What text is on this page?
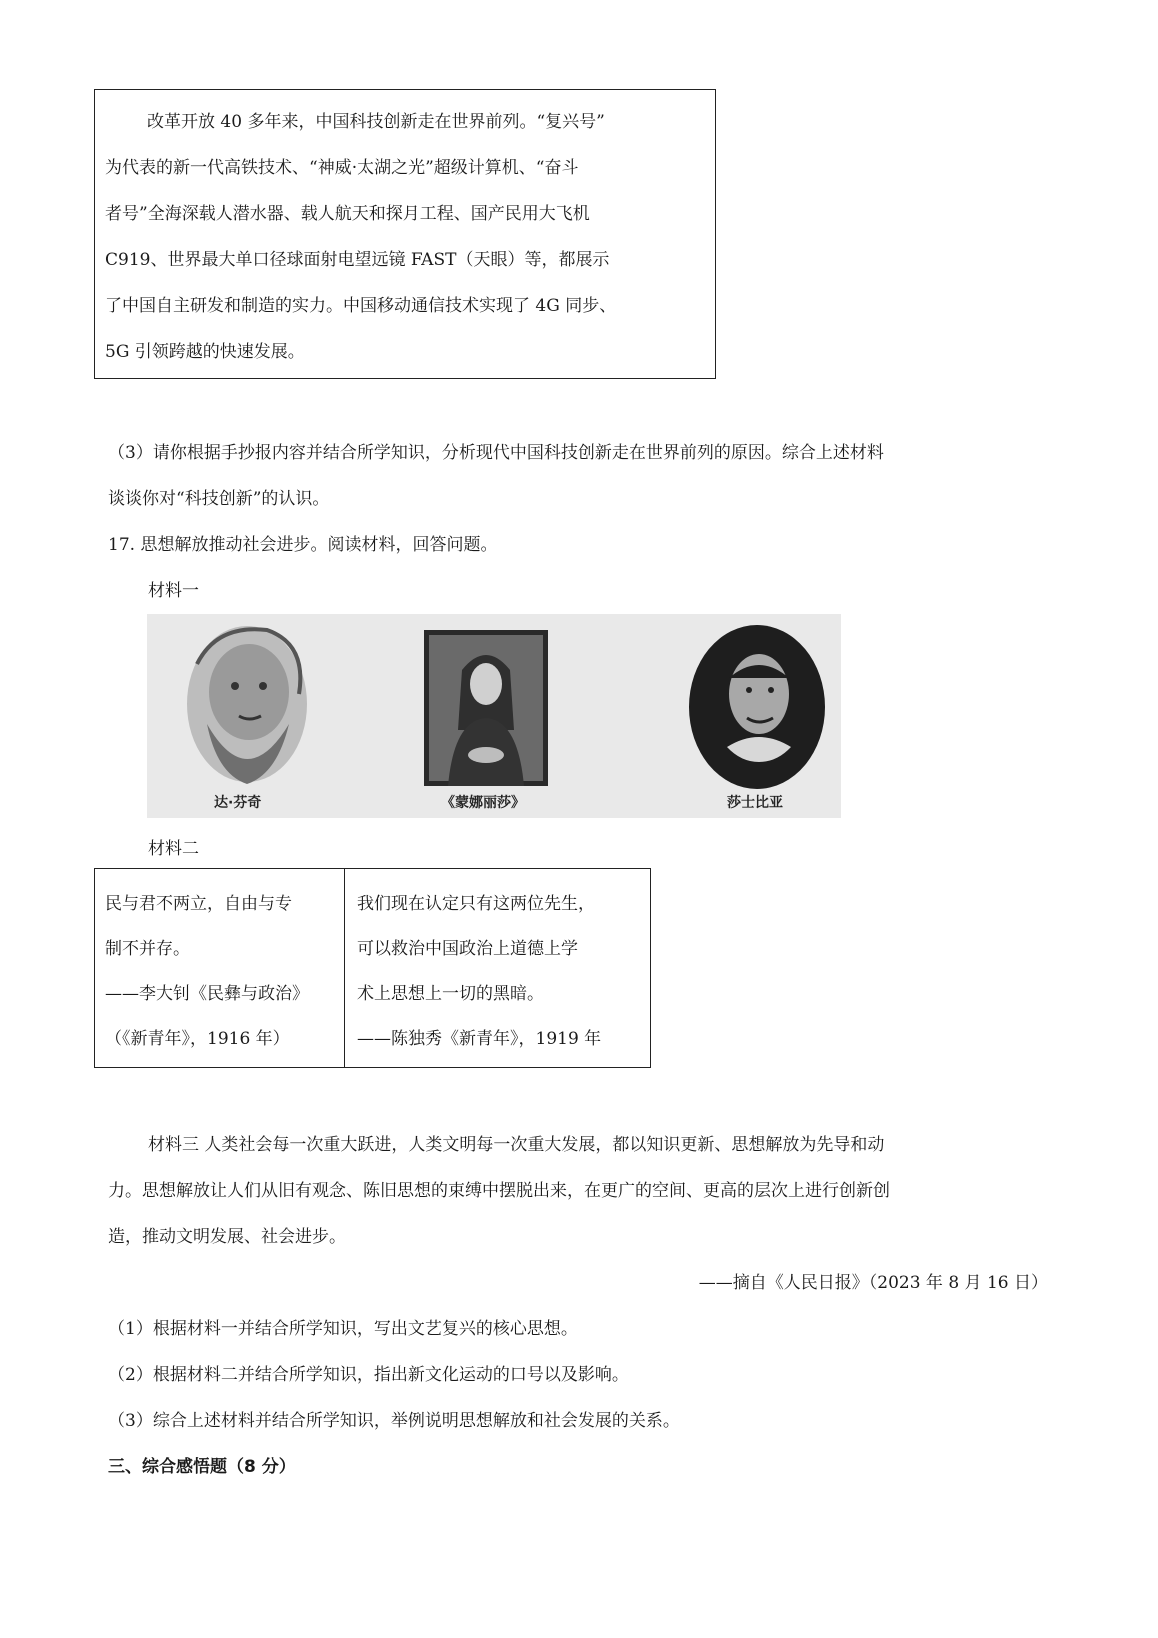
改革开放 40 多年来，中国科技创新走在世界前列。“复兴号”
为代表的新一代高铁技术、“神威·太湖之光”超级计算机、“奋斗
者号”全海深载人潜水器、载人航天和探月工程、国产民用大飞机
C919、世界最大单口径球面射电望远镜 FAST（天眼）等，都展示
了中国自主研发和制造的实力。中国移动通信技术实现了 4G 同步、
5G 引领跨越的快速发展。
（3）请你根据手抄报内容并结合所学知识，分析现代中国科技创新走在世界前列的原因。综合上述材料
谈谈你对“科技创新”的认识。
17. 思想解放推动社会进步。阅读材料，回答问题。
材料一
达·芬奇	《蒙娜丽莎》	莎士比亚
材料二
民与君不两立，自由与专
制不并存。
——李大钊《民彝与政治》
（《新青年》，1916 年）
我们现在认定只有这两位先生，
可以救治中国政治上道德上学
术上思想上一切的黑暗。
——陈独秀《新青年》，1919 年
材料三 人类社会每一次重大跃进，人类文明每一次重大发展，都以知识更新、思想解放为先导和动
力。思想解放让人们从旧有观念、陈旧思想的束缚中摆脱出来，在更广的空间、更高的层次上进行创新创
造，推动文明发展、社会进步。
——摘自《人民日报》（2023 年 8 月 16 日）
（1）根据材料一并结合所学知识，写出文艺复兴的核心思想。
（2）根据材料二并结合所学知识，指出新文化运动的口号以及影响。
（3）综合上述材料并结合所学知识，举例说明思想解放和社会发展的关系。
三、综合感悟题（8 分）
